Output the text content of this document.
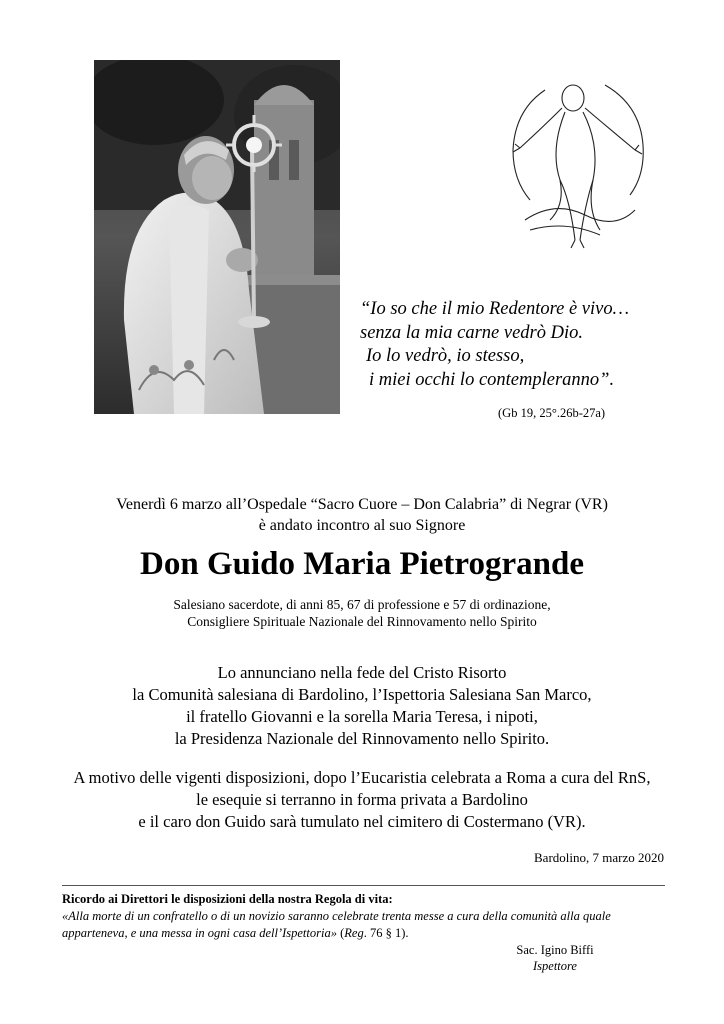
“Io so che il mio Redentore è vivo…
senza la mia carne vedrò Dio.
Io lo vedrò, io stesso,
i miei occhi lo contempleranno”.
(Gb 19, 25°.26b-27a)
Venerdì 6 marzo all’Ospedale “Sacro Cuore – Don Calabria” di Negrar (VR)
è andato incontro al suo Signore
Don Guido Maria Pietrogrande
Salesiano sacerdote, di anni 85, 67 di professione e 57 di ordinazione,
Consigliere Spirituale Nazionale del Rinnovamento nello Spirito
Lo annunciano nella fede del Cristo Risorto
la Comunità salesiana di Bardolino, l’Ispettoria Salesiana San Marco,
il fratello Giovanni e la sorella Maria Teresa, i nipoti,
la Presidenza Nazionale del Rinnovamento nello Spirito.
A motivo delle vigenti disposizioni, dopo l’Eucaristia celebrata a Roma a cura del RnS,
le esequie si terranno in forma privata a Bardolino
e il caro don Guido sarà tumulato nel cimitero di Costermano (VR).
Bardolino, 7 marzo 2020
Ricordo ai Direttori le disposizioni della nostra Regola di vita:
«Alla morte di un confratello o di un novizio saranno celebrate trenta messe a cura della comunità alla quale
apparteneva, e una messa in ogni casa dell’Ispettoria» (Reg. 76 § 1).
Sac. Igino Biffi
Ispettore
